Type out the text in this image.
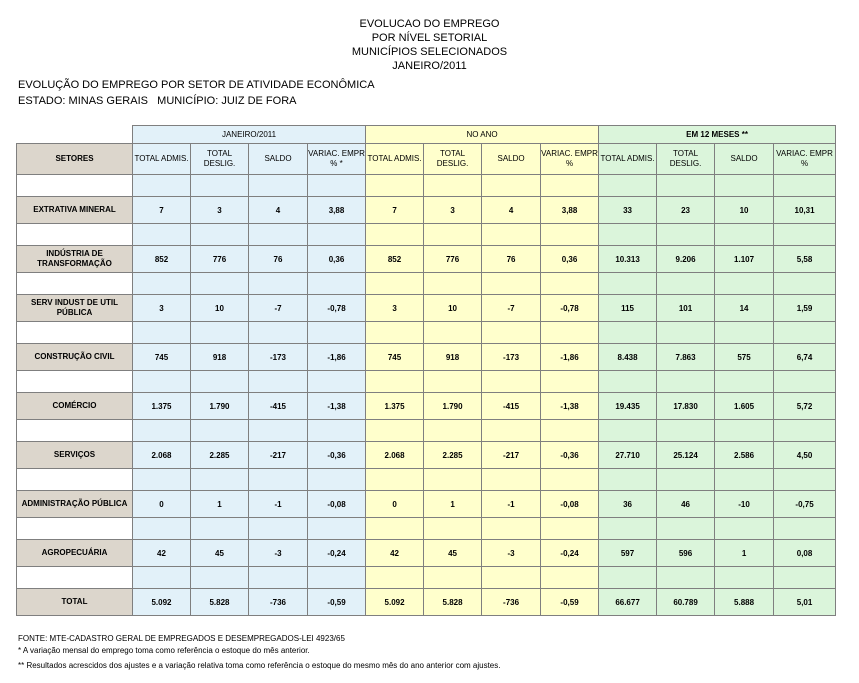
EVOLUCAO DO EMPREGO
POR NÍVEL SETORIAL
MUNICÍPIOS SELECIONADOS
JANEIRO/2011
EVOLUÇÃO DO EMPREGO POR SETOR DE ATIVIDADE ECONÔMICA
ESTADO: MINAS GERAIS   MUNICÍPIO: JUIZ DE FORA
	JANEIRO/2011				NO ANO				EM 12 MESES **			
SETORES	TOTAL ADMIS.	TOTAL DESLIG.	SALDO	VARIAC. EMPR % *	TOTAL ADMIS.	TOTAL DESLIG.	SALDO	VARIAC. EMPR %	TOTAL ADMIS.	TOTAL DESLIG.	SALDO	VARIAC. EMPR %

EXTRATIVA MINERAL	7	3	4	3,88	7	3	4	3,88	33	23	10	10,31

INDÚSTRIA DE TRANSFORMAÇÃO	852	776	76	0,36	852	776	76	0,36	10.313	9.206	1.107	5,58

SERV INDUST DE UTIL PÚBLICA	3	10	-7	-0,78	3	10	-7	-0,78	115	101	14	1,59

CONSTRUÇÃO CIVIL	745	918	-173	-1,86	745	918	-173	-1,86	8.438	7.863	575	6,74

COMÉRCIO	1.375	1.790	-415	-1,38	1.375	1.790	-415	-1,38	19.435	17.830	1.605	5,72

SERVIÇOS	2.068	2.285	-217	-0,36	2.068	2.285	-217	-0,36	27.710	25.124	2.586	4,50

ADMINISTRAÇÃO PÚBLICA	0	1	-1	-0,08	0	1	-1	-0,08	36	46	-10	-0,75

AGROPECUÁRIA	42	45	-3	-0,24	42	45	-3	-0,24	597	596	1	0,08

TOTAL	5.092	5.828	-736	-0,59	5.092	5.828	-736	-0,59	66.677	60.789	5.888	5,01
FONTE: MTE-CADASTRO GERAL DE EMPREGADOS E DESEMPREGADOS-LEI 4923/65
* A variação mensal do emprego toma como referência o estoque do mês anterior.
** Resultados acrescidos dos ajustes e a variação relativa toma como referência o estoque do mesmo mês do ano anterior com ajustes.
